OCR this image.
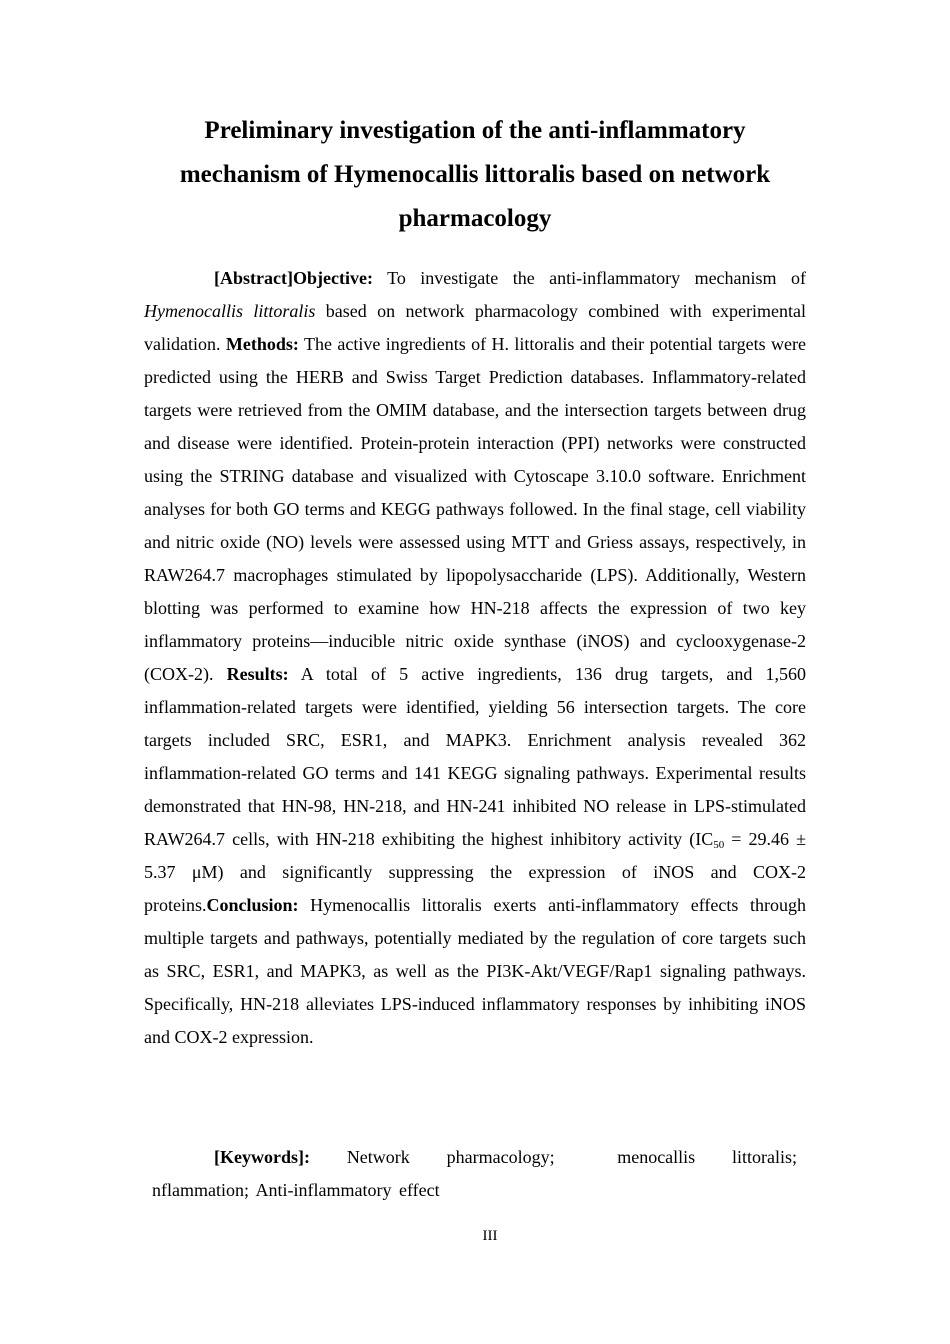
Preliminary investigation of the anti-inflammatory
mechanism of Hymenocallis littoralis based on network
pharmacology
[Abstract]Objective: To investigate the anti-inflammatory mechanism of Hymenocallis littoralis based on network pharmacology combined with experimental validation. Methods: The active ingredients of H. littoralis and their potential targets were predicted using the HERB and Swiss Target Prediction databases. Inflammatory-related targets were retrieved from the OMIM database, and the intersection targets between drug and disease were identified. Protein-protein interaction (PPI) networks were constructed using the STRING database and visualized with Cytoscape 3.10.0 software. Enrichment analyses for both GO terms and KEGG pathways followed. In the final stage, cell viability and nitric oxide (NO) levels were assessed using MTT and Griess assays, respectively, in RAW264.7 macrophages stimulated by lipopolysaccharide (LPS). Additionally, Western blotting was performed to examine how HN-218 affects the expression of two key inflammatory proteins—inducible nitric oxide synthase (iNOS) and cyclooxygenase-2 (COX-2). Results: A total of 5 active ingredients, 136 drug targets, and 1,560 inflammation-related targets were identified, yielding 56 intersection targets. The core targets included SRC, ESR1, and MAPK3. Enrichment analysis revealed 362 inflammation-related GO terms and 141 KEGG signaling pathways. Experimental results demonstrated that HN-98, HN-218, and HN-241 inhibited NO release in LPS-stimulated RAW264.7 cells, with HN-218 exhibiting the highest inhibitory activity ($IC_{50} = 29.46 \pm 5.37$ μM) and significantly suppressing the expression of iNOS and COX-2 proteins.Conclusion: Hymenocallis littoralis exerts anti-inflammatory effects through multiple targets and pathways, potentially mediated by the regulation of core targets such as SRC, ESR1, and MAPK3, as well as the PI3K-Akt/VEGF/Rap1 signaling pathways. Specifically, HN-218 alleviates LPS-induced inflammatory responses by inhibiting iNOS and COX-2 expression.
[Keywords]: Network pharmacology;	menocallis littoralis;
nflammation; Anti-inflammatory effect
III
